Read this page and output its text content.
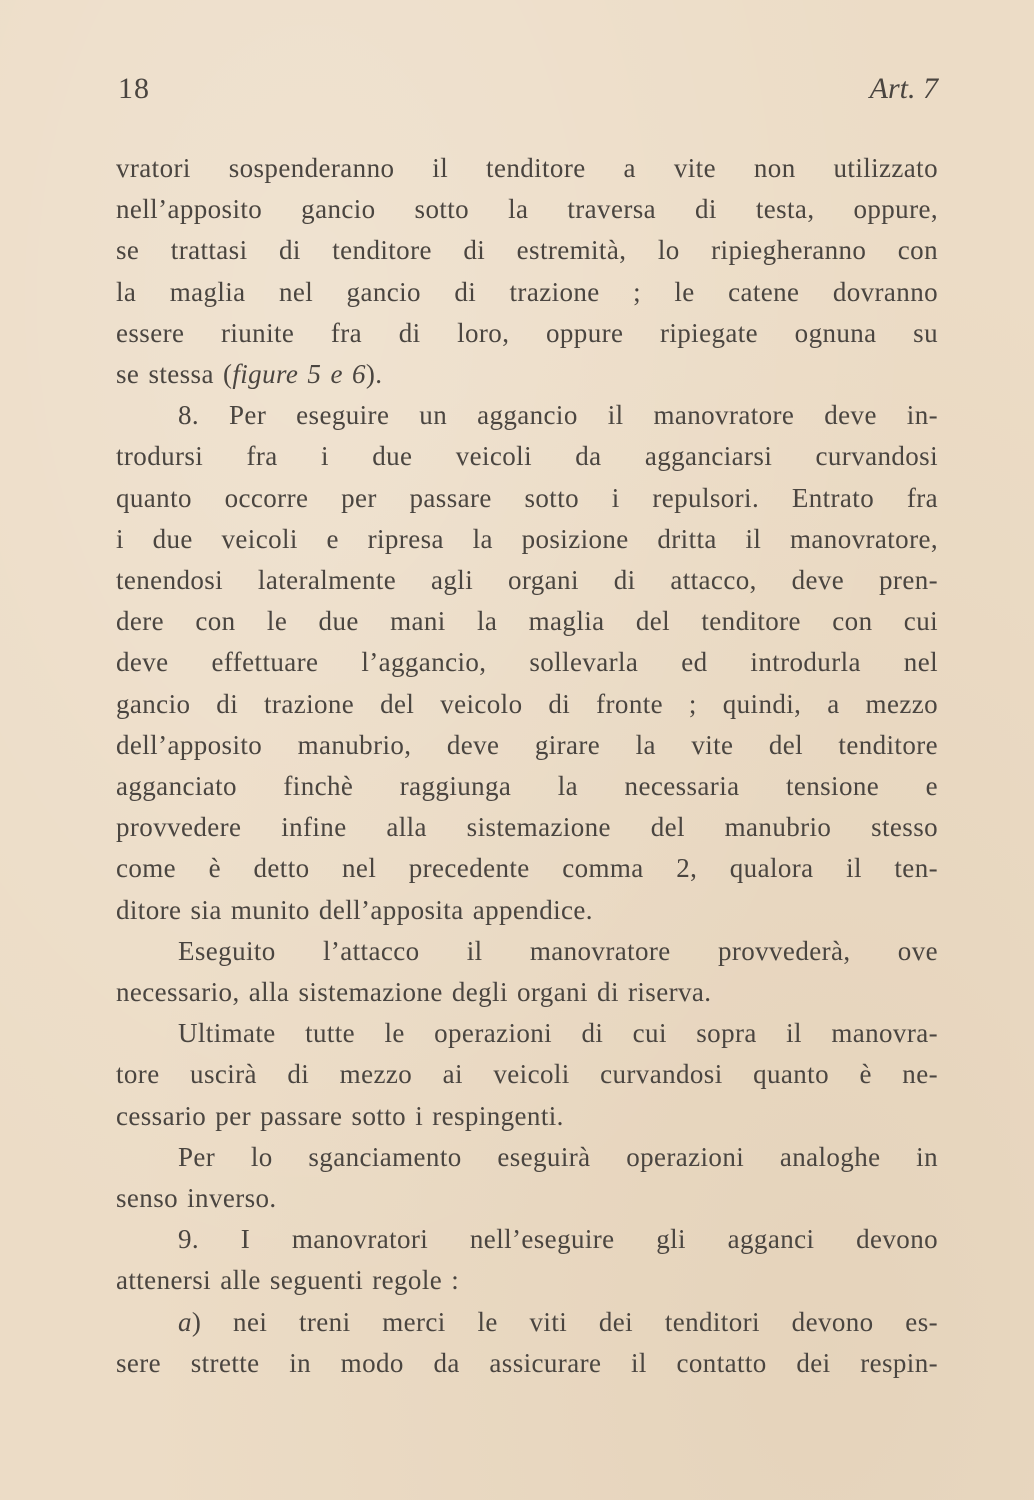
18	Art. 7
vratori sospenderanno il tenditore a vite non utilizzato
nell’apposito gancio sotto la traversa di testa, oppure,
se trattasi di tenditore di estremità, lo ripiegheranno con
la maglia nel gancio di trazione ; le catene dovranno
essere riunite fra di loro, oppure ripiegate ognuna su
se stessa (figure 5 e 6).
8. Per eseguire un aggancio il manovratore deve in-
trodursi fra i due veicoli da agganciarsi curvandosi
quanto occorre per passare sotto i repulsori. Entrato fra
i due veicoli e ripresa la posizione dritta il manovratore,
tenendosi lateralmente agli organi di attacco, deve pren-
dere con le due mani la maglia del tenditore con cui
deve effettuare l’aggancio, sollevarla ed introdurla nel
gancio di trazione del veicolo di fronte ; quindi, a mezzo
dell’apposito manubrio, deve girare la vite del tenditore
agganciato finchè raggiunga la necessaria tensione e
provvedere infine alla sistemazione del manubrio stesso
come è detto nel precedente comma 2, qualora il ten-
ditore sia munito dell’apposita appendice.
Eseguito l’attacco il manovratore provvederà, ove
necessario, alla sistemazione degli organi di riserva.
Ultimate tutte le operazioni di cui sopra il manovra-
tore uscirà di mezzo ai veicoli curvandosi quanto è ne-
cessario per passare sotto i respingenti.
Per lo sganciamento eseguirà operazioni analoghe in
senso inverso.
9. I manovratori nell’eseguire gli agganci devono
attenersi alle seguenti regole :
a) nei treni merci le viti dei tenditori devono es-
sere strette in modo da assicurare il contatto dei respin-
